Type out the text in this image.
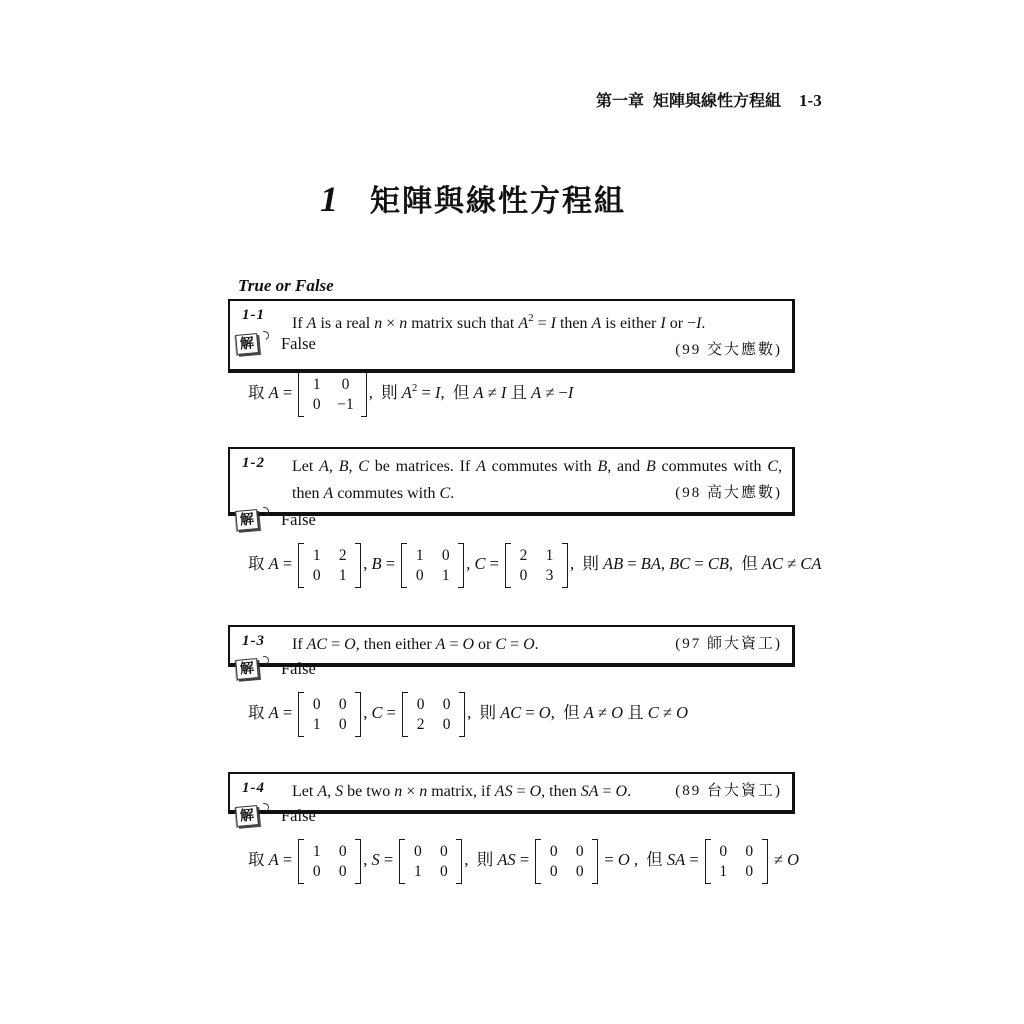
第一章 矩陣與線性方程組 1-3
1 矩陣與線性方程組
True or False
1-1	If A is a real n × n matrix such that $A^2 = I$ then A is either I or −I.
(99 交大應數)
解 False
取 A = 1 0
0 −1
,  則 $A^2 = I$,  但 A ≠ I 且 A ≠ −I
1-2	Let A, B, C be matrices. If A commutes with B, and B commutes with C, then A commutes with C.	(98 高大應數)
解 False
取 A = 1 2
0 1
, B = 1 0
0 1
, C = 2 1
0 3
,  則 AB = BA, BC = CB,  但 AC ≠ CA
1-3	If AC = O, then either A = O or C = O.	(97 師大資工)
解 False
取 A = 0 0
1 0
, C = 0 0
2 0
,  則 AC = O,  但 A ≠ O 且 C ≠ O
1-4	Let A, S be two n × n matrix, if AS = O, then SA = O.	(89 台大資工)
解 False
取 A = 1 0
0 0
, S = 0 0
1 0
,  則 AS = 0 0
0 0
= O ,  但 SA = 0 0
1 0
≠ O
